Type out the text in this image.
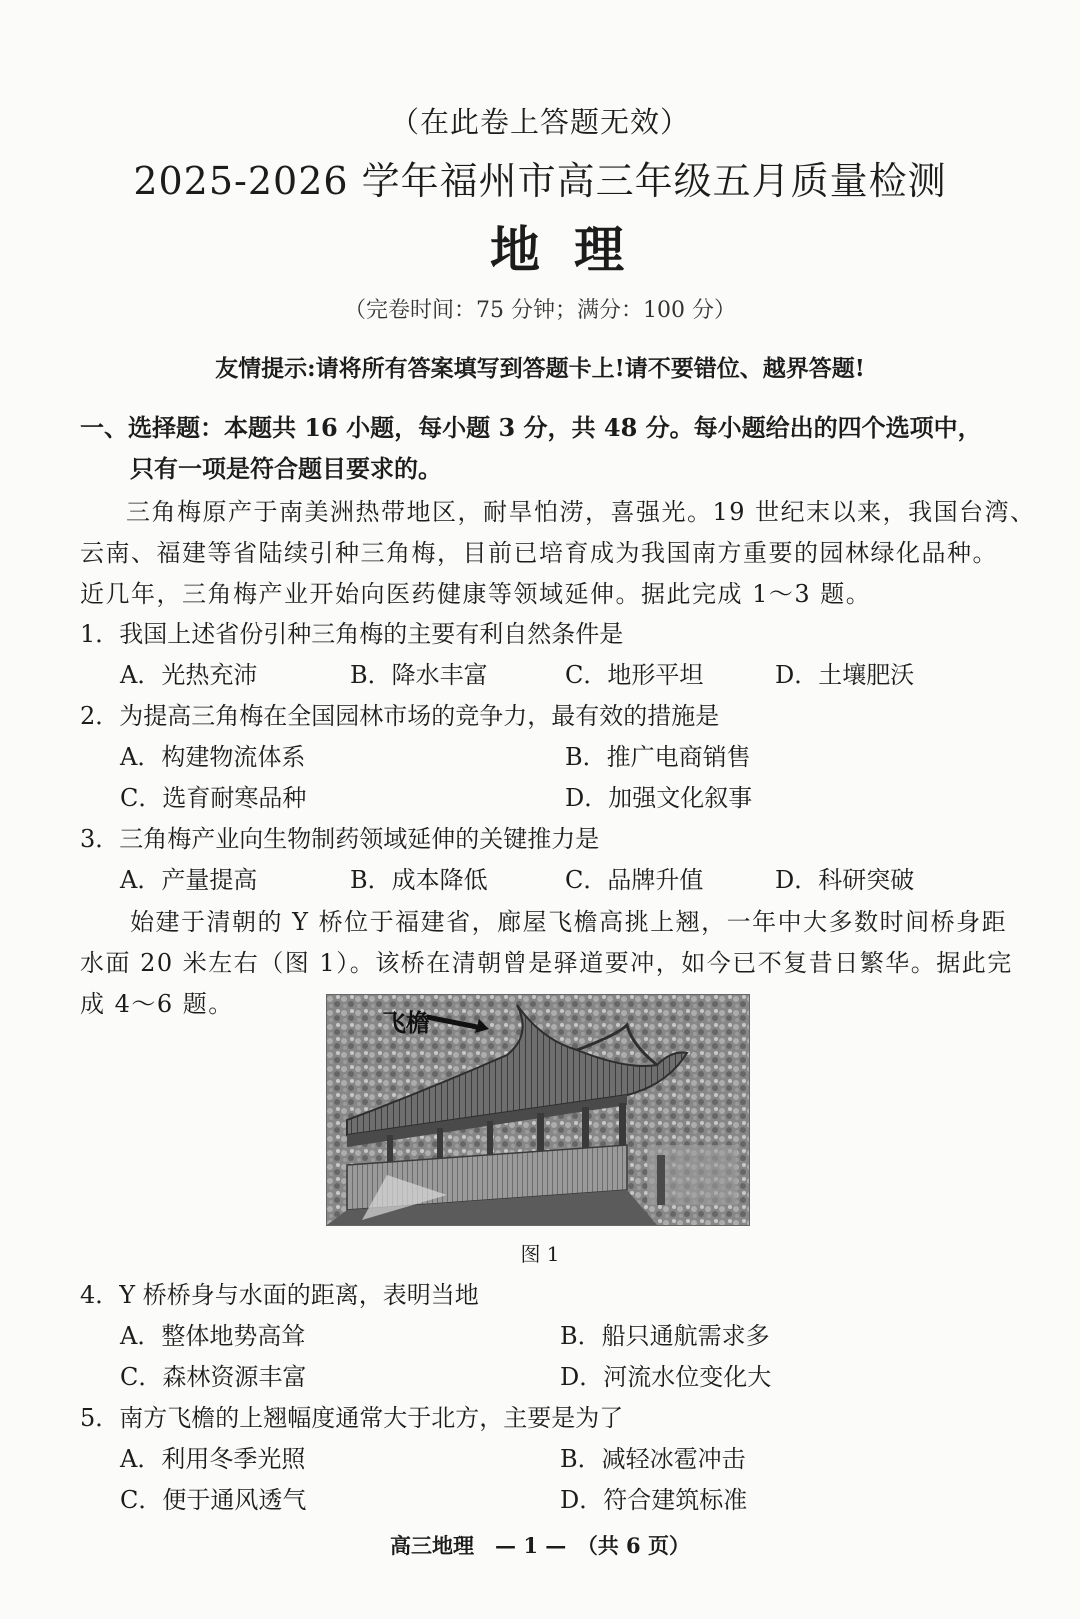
（在此卷上答题无效）
2025-2026 学年福州市高三年级五月质量检测
地理
（完卷时间：75 分钟；满分：100 分）
友情提示:请将所有答案填写到答题卡上!请不要错位、越界答题!
一、选择题：本题共 16 小题，每小题 3 分，共 48 分。每小题给出的四个选项中，
只有一项是符合题目要求的。
三角梅原产于南美洲热带地区，耐旱怕涝，喜强光。19 世纪末以来，我国台湾、
云南、福建等省陆续引种三角梅，目前已培育成为我国南方重要的园林绿化品种。
近几年，三角梅产业开始向医药健康等领域延伸。据此完成 1～3 题。
1．我国上述省份引种三角梅的主要有利自然条件是
A．光热充沛	B．降水丰富	C．地形平坦	D．土壤肥沃
2．为提高三角梅在全国园林市场的竞争力，最有效的措施是
A．构建物流体系	B．推广电商销售
C．选育耐寒品种	D．加强文化叙事
3．三角梅产业向生物制药领域延伸的关键推力是
A．产量提高	B．成本降低	C．品牌升值	D．科研突破
始建于清朝的 Y 桥位于福建省，廊屋飞檐高挑上翘，一年中大多数时间桥身距
水面 20 米左右（图 1）。该桥在清朝曾是驿道要冲，如今已不复昔日繁华。据此完
成 4～6 题。
飞檐
图 1
4．Y 桥桥身与水面的距离，表明当地
A．整体地势高耸	B．船只通航需求多
C．森林资源丰富	D．河流水位变化大
5．南方飞檐的上翘幅度通常大于北方，主要是为了
A．利用冬季光照	B．减轻冰雹冲击
C．便于通风透气	D．符合建筑标准
高三地理　— 1 —　（共 6 页）
